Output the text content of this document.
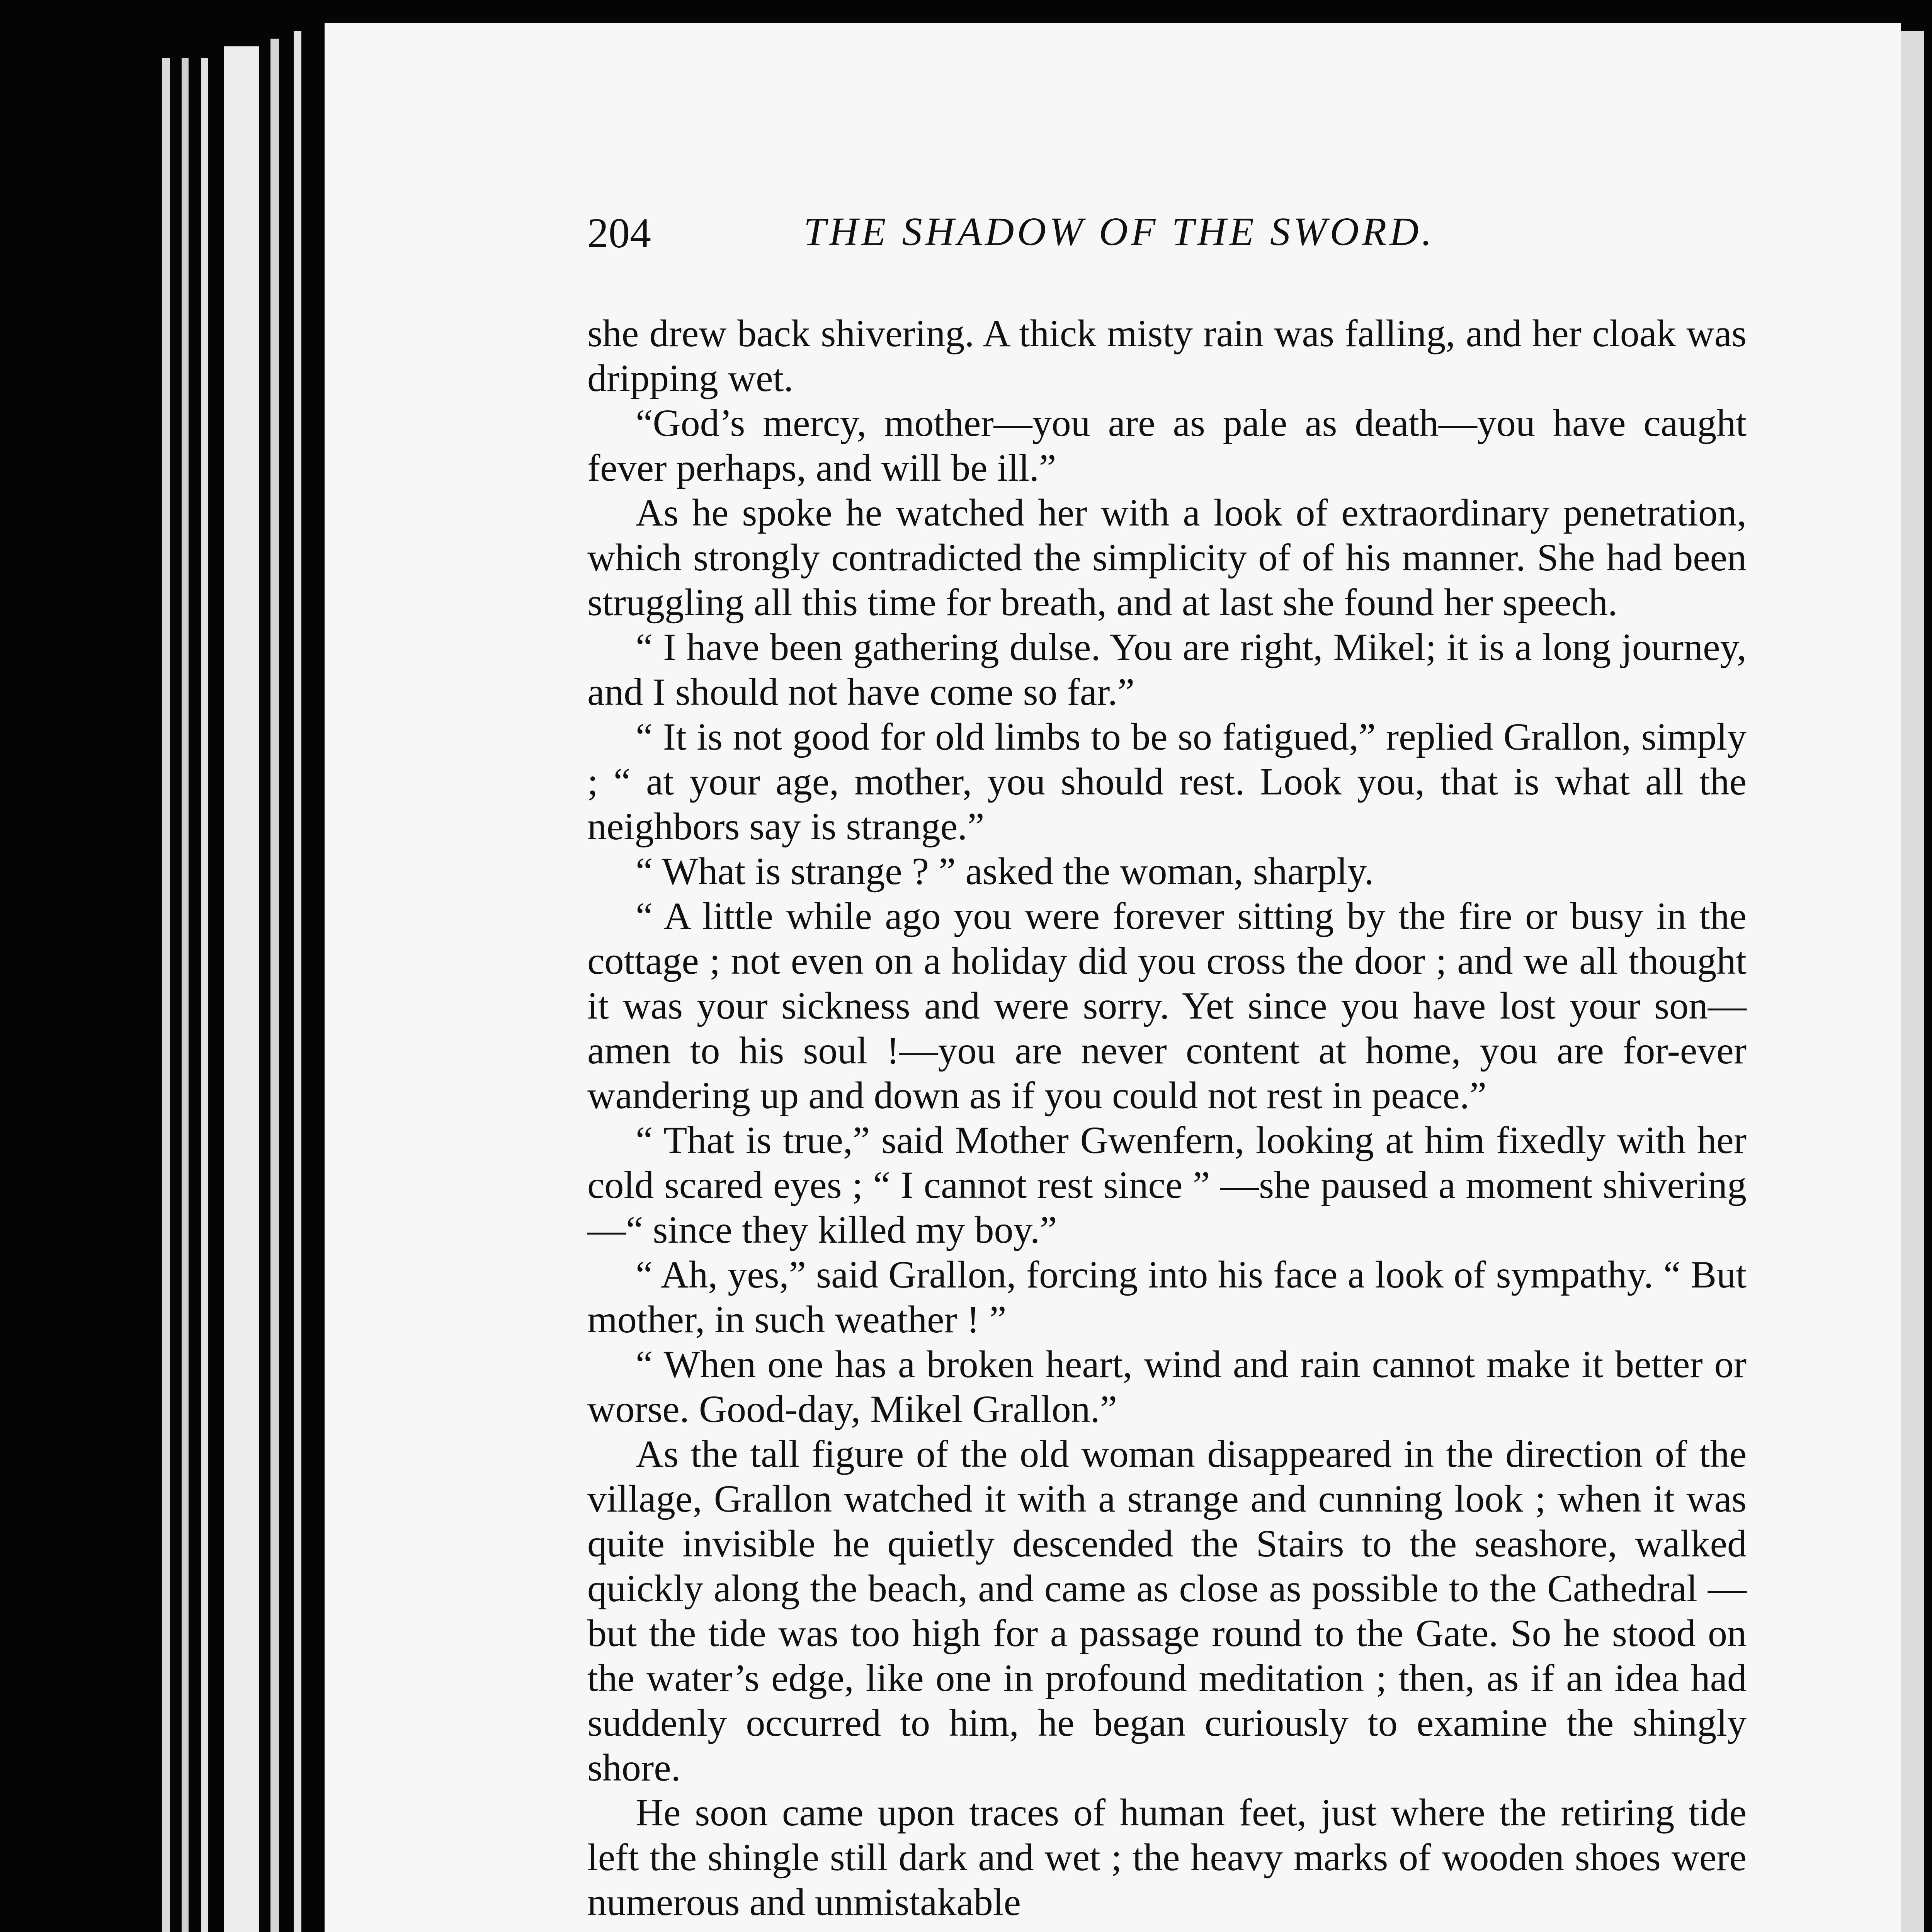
204	THE SHADOW OF THE SWORD.

she drew back shivering. A thick misty rain was falling, and her cloak was dripping wet.

“God’s mercy, mother—you are as pale as death—you have caught fever perhaps, and will be ill.”

As he spoke he watched her with a look of extraordinary penetration, which strongly contradicted the simplicity of of his manner. She had been struggling all this time for breath, and at last she found her speech.

“ I have been gathering dulse. You are right, Mikel; it is a long journey, and I should not have come so far.”

“ It is not good for old limbs to be so fatigued,” replied Grallon, simply ; “ at your age, mother, you should rest. Look you, that is what all the neighbors say is strange.”

“ What is strange ? ” asked the woman, sharply.

“ A little while ago you were forever sitting by the fire or busy in the cottage ; not even on a holiday did you cross the door ; and we all thought it was your sickness and were sorry. Yet since you have lost your son—amen to his soul !—you are never content at home, you are for-ever wandering up and down as if you could not rest in peace.”

“ That is true,” said Mother Gwenfern, looking at him fixedly with her cold scared eyes ; “ I cannot rest since ” —she paused a moment shivering—“ since they killed my boy.”

“ Ah, yes,” said Grallon, forcing into his face a look of sympathy. “ But mother, in such weather ! ”

“ When one has a broken heart, wind and rain cannot make it better or worse. Good-day, Mikel Grallon.”

As the tall figure of the old woman disappeared in the direction of the village, Grallon watched it with a strange and cunning look ; when it was quite invisible he quietly descended the Stairs to the seashore, walked quickly along the beach, and came as close as possible to the Cathedral —but the tide was too high for a passage round to the Gate. So he stood on the water’s edge, like one in profound meditation ; then, as if an idea had suddenly occurred to him, he began curiously to examine the shingly shore.

He soon came upon traces of human feet, just where the retiring tide left the shingle still dark and wet ; the heavy marks of wooden shoes were numerous and unmistakable
